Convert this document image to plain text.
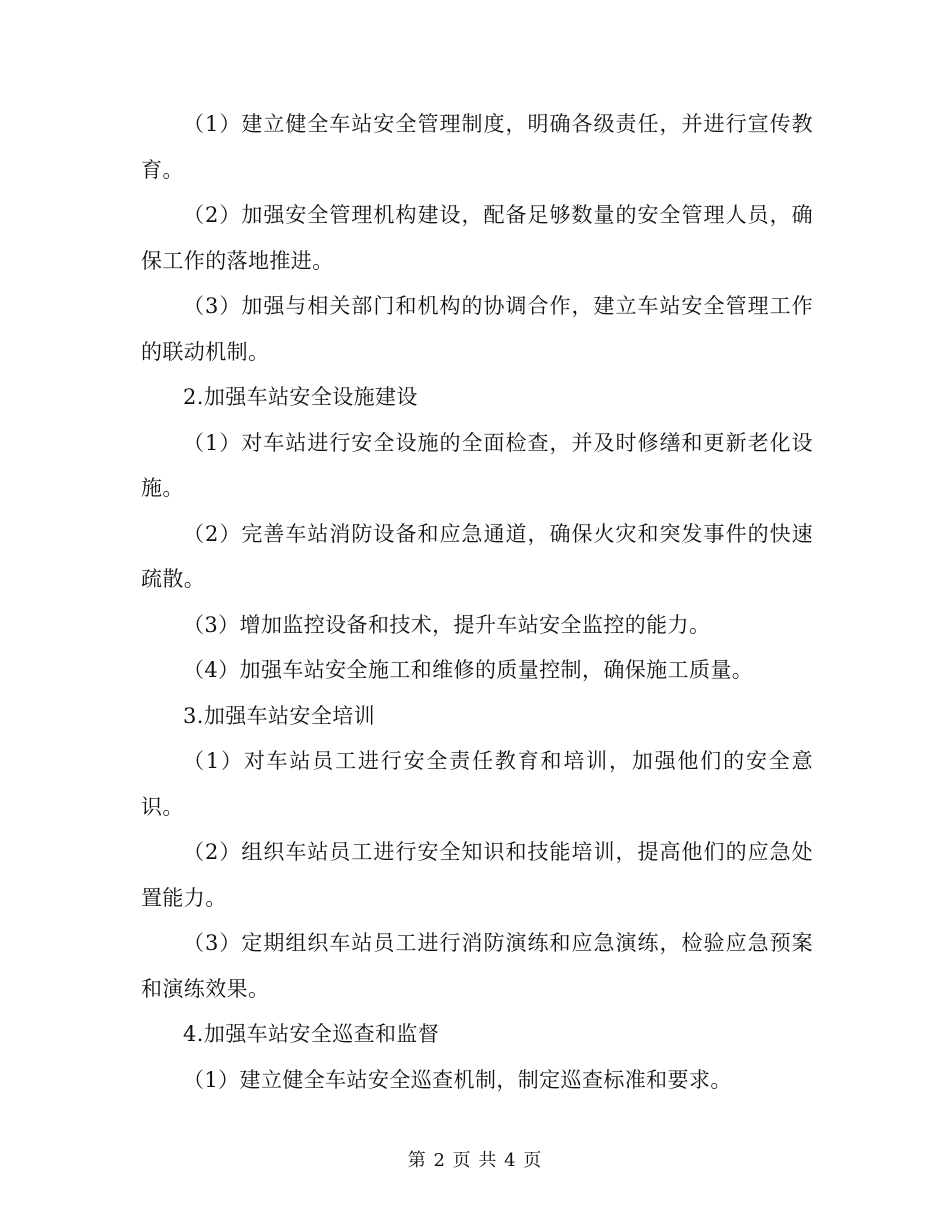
（1）建立健全车站安全管理制度，明确各级责任，并进行宣传教育。

（2）加强安全管理机构建设，配备足够数量的安全管理人员，确保工作的落地推进。

（3）加强与相关部门和机构的协调合作，建立车站安全管理工作的联动机制。

2.加强车站安全设施建设

（1）对车站进行安全设施的全面检查，并及时修缮和更新老化设施。

（2）完善车站消防设备和应急通道，确保火灾和突发事件的快速疏散。

（3）增加监控设备和技术，提升车站安全监控的能力。

（4）加强车站安全施工和维修的质量控制，确保施工质量。

3.加强车站安全培训

（1）对车站员工进行安全责任教育和培训，加强他们的安全意识。

（2）组织车站员工进行安全知识和技能培训，提高他们的应急处置能力。

（3）定期组织车站员工进行消防演练和应急演练，检验应急预案和演练效果。

4.加强车站安全巡查和监督

（1）建立健全车站安全巡查机制，制定巡查标准和要求。

第 2 页 共 4 页
